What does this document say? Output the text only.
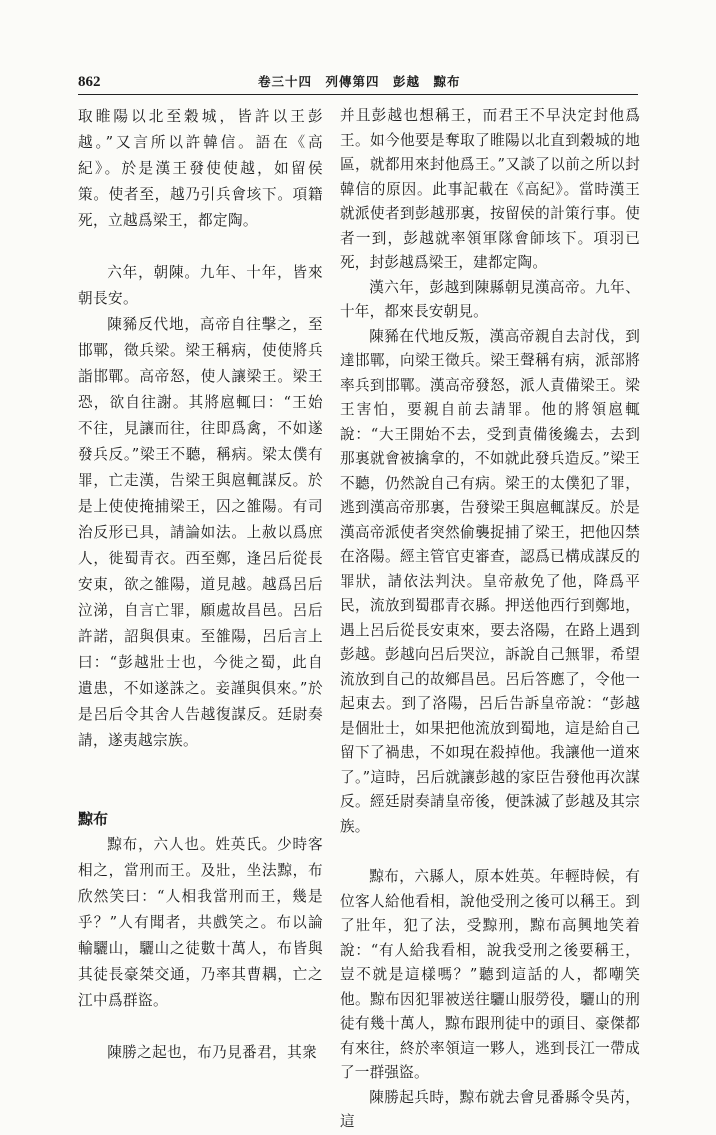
862	卷三十四　列傳第四　彭越　黥布

取睢陽以北至穀城，皆許以王彭越。”又言所以許韓信。語在《高紀》。於是漢王發使使越，如留侯策。使者至，越乃引兵會垓下。項籍死，立越爲梁王，都定陶。

六年，朝陳。九年、十年，皆來朝長安。

陳豨反代地，高帝自往擊之，至邯鄲，徵兵梁。梁王稱病，使使將兵詣邯鄲。高帝怒，使人讓梁王。梁王恐，欲自往謝。其將扈輒曰：“王始不往，見讓而往，往即爲禽，不如遂發兵反。”梁王不聽，稱病。梁太僕有罪，亡走漢，告梁王與扈輒謀反。於是上使使掩捕梁王，囚之雒陽。有司治反形已具，請論如法。上赦以爲庶人，徙蜀青衣。西至鄭，逢呂后從長安東，欲之雒陽，道見越。越爲呂后泣涕，自言亡罪，願處故昌邑。呂后許諾，詔與俱東。至雒陽，呂后言上曰：“彭越壯士也，今徙之蜀，此自遺患，不如遂誅之。妾謹與俱來。”於是呂后令其舍人告越復謀反。廷尉奏請，遂夷越宗族。

黥布

黥布，六人也。姓英氏。少時客相之，當刑而王。及壯，坐法黥，布欣然笑曰：“人相我當刑而王，幾是乎？”人有聞者，共戲笑之。布以論輸驪山，驪山之徒數十萬人，布皆與其徒長豪桀交通，乃率其曹耦，亡之江中爲群盜。

陳勝之起也，布乃見番君，其衆

并且彭越也想稱王，而君王不早決定封他爲王。如今他要是奪取了睢陽以北直到穀城的地區，就都用來封他爲王。”又談了以前之所以封韓信的原因。此事記載在《高紀》。當時漢王就派使者到彭越那裏，按留侯的計策行事。使者一到，彭越就率領軍隊會師垓下。項羽已死，封彭越爲梁王，建都定陶。

漢六年，彭越到陳縣朝見漢高帝。九年、十年，都來長安朝見。

陳豨在代地反叛，漢高帝親自去討伐，到達邯鄲，向梁王徵兵。梁王聲稱有病，派部將率兵到邯鄲。漢高帝發怒，派人責備梁王。梁王害怕，要親自前去請罪。他的將領扈輒說：“大王開始不去，受到責備後纔去，去到那裏就會被擒拿的，不如就此發兵造反。”梁王不聽，仍然說自己有病。梁王的太僕犯了罪，逃到漢高帝那裏，告發梁王與扈輒謀反。於是漢高帝派使者突然偷襲捉捕了梁王，把他囚禁在洛陽。經主管官吏審查，認爲已構成謀反的罪狀，請依法判決。皇帝赦免了他，降爲平民，流放到蜀郡青衣縣。押送他西行到鄭地，遇上呂后從長安東來，要去洛陽，在路上遇到彭越。彭越向呂后哭泣，訴說自己無罪，希望流放到自己的故鄉昌邑。呂后答應了，令他一起東去。到了洛陽，呂后告訴皇帝說：“彭越是個壯士，如果把他流放到蜀地，這是給自己留下了禍患，不如現在殺掉他。我讓他一道來了。”這時，呂后就讓彭越的家臣告發他再次謀反。經廷尉奏請皇帝後，便誅滅了彭越及其宗族。

黥布，六縣人，原本姓英。年輕時候，有位客人給他看相，說他受刑之後可以稱王。到了壯年，犯了法，受黥刑，黥布高興地笑着說：“有人給我看相，說我受刑之後要稱王，豈不就是這樣嗎？”聽到這話的人，都嘲笑他。黥布因犯罪被送往驪山服勞役，驪山的刑徒有幾十萬人，黥布跟刑徒中的頭目、豪傑都有來往，終於率領這一夥人，逃到長江一帶成了一群强盜。

陳勝起兵時，黥布就去會見番縣令吳芮，這
